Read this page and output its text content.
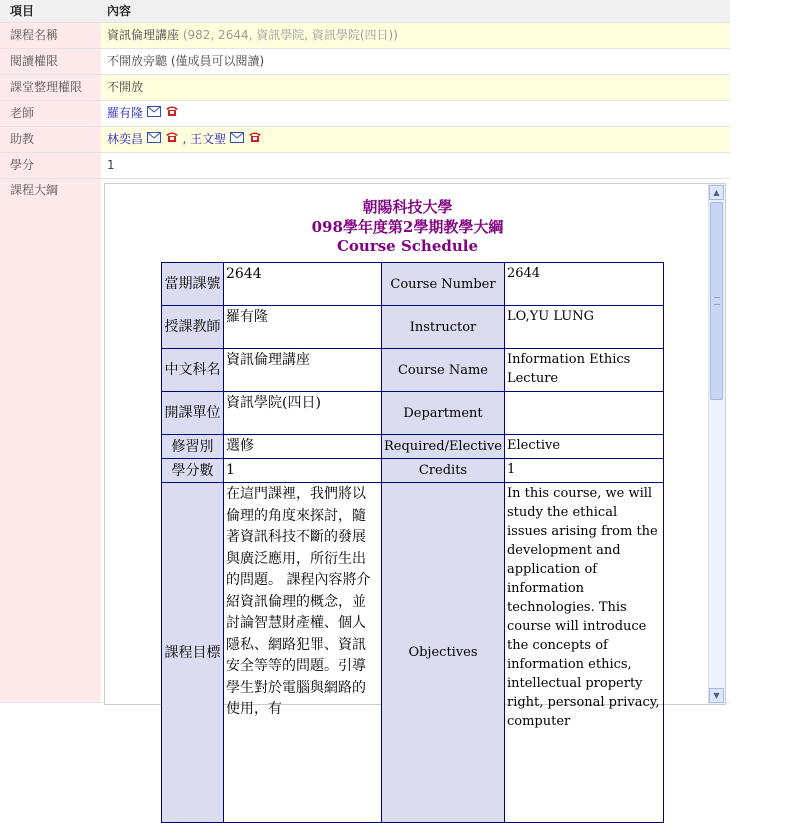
項目	內容
課程名稱	資訊倫理講座 (982, 2644, 資訊學院, 資訊學院(四日))
閱讀權限	不開放旁聽 (僅成員可以閱讀)
課堂整理權限	不開放
老師	羅有隆
助教	林奕昌	, 王文聖
學分	1
課程大綱
朝陽科技大學
098學年度第2學期教學大綱
Course Schedule
當期課號	2644	Course Number	2644
授課教師	羅有隆	Instructor	LO,YU LUNG
中文科名	資訊倫理講座	Course Name	Information Ethics Lecture
開課單位	資訊學院(四日)	Department	
修習別	選修	Required/Elective	Elective
學分數	1	Credits	1
課程目標	在這門課裡，我們將以倫理的角度來探討，隨著資訊科技不斷的發展與廣泛應用，所衍生出的問題。 課程內容將介紹資訊倫理的概念，並討論智慧財產權、個人隱私、網路犯罪、資訊安全等等的問題。引導學生對於電腦與網路的使用，有	Objectives	In this course, we will study the ethical issues arising from the development and application of information technologies. This course will introduce the concepts of information ethics, intellectual property right, personal privacy, computer
▲
▼
